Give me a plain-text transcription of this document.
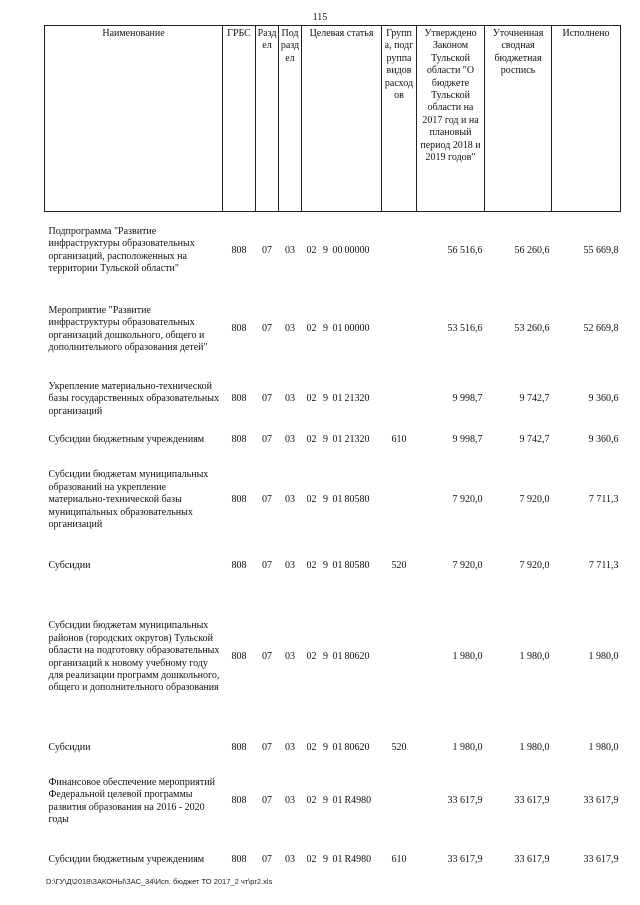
115
Наименование	ГРБС	Раздел	Подраздел	Целевая статья	Группа, подгруппа видов расходов	Утверждено Законом Тульской области "О бюджете Тульской области на 2017 год и на плановый период 2018 и 2019 годов"	Уточненная сводная бюджетная роспись	Исполнено
Подпрограмма "Развитие инфраструктуры образовательных организаций, расположенных на территории Тульской области"	808	07	03	02 9 00 00000		56 516,6	56 260,6	55 669,8
Мероприятие "Развитие инфраструктуры образовательных организаций дошкольного, общего и дополнительиого образования детей"	808	07	03	02 9 01 00000		53 516,6	53 260,6	52 669,8
Укрепление материально-технической базы государственных образовательных организаций	808	07	03	02 9 01 21320		9 998,7	9 742,7	9 360,6
Субсидии бюджетным учреждениям	808	07	03	02 9 01 21320	610	9 998,7	9 742,7	9 360,6
Субсидии бюджетам муниципальных образований на укрепление материально-технической базы муниципальных образовательных организаций	808	07	03	02 9 01 80580		7 920,0	7 920,0	7 711,3
Субсидии	808	07	03	02 9 01 80580	520	7 920,0	7 920,0	7 711,3
Субсидии бюджетам муниципальных районов (городских округов) Тульской области на подготовку образовательных организаций к новому учебному году для реализации программ дошкольного, общего и дополнительного образования	808	07	03	02 9 01 80620		1 980,0	1 980,0	1 980,0
Субсидии	808	07	03	02 9 01 80620	520	1 980,0	1 980,0	1 980,0
Финансовое обеспечение мероприятий Федеральной целевой программы развития образования на 2016 - 2020 годы	808	07	03	02 9 01 R4980		33 617,9	33 617,9	33 617,9
Субсидии бюджетным учреждениям	808	07	03	02 9 01 R4980	610	33 617,9	33 617,9	33 617,9
D:\ГУ\Д\2018\ЗАКОНЫ\ЗАС_34\Исп. бюджет ТО 2017_2 чт\pr2.xls
